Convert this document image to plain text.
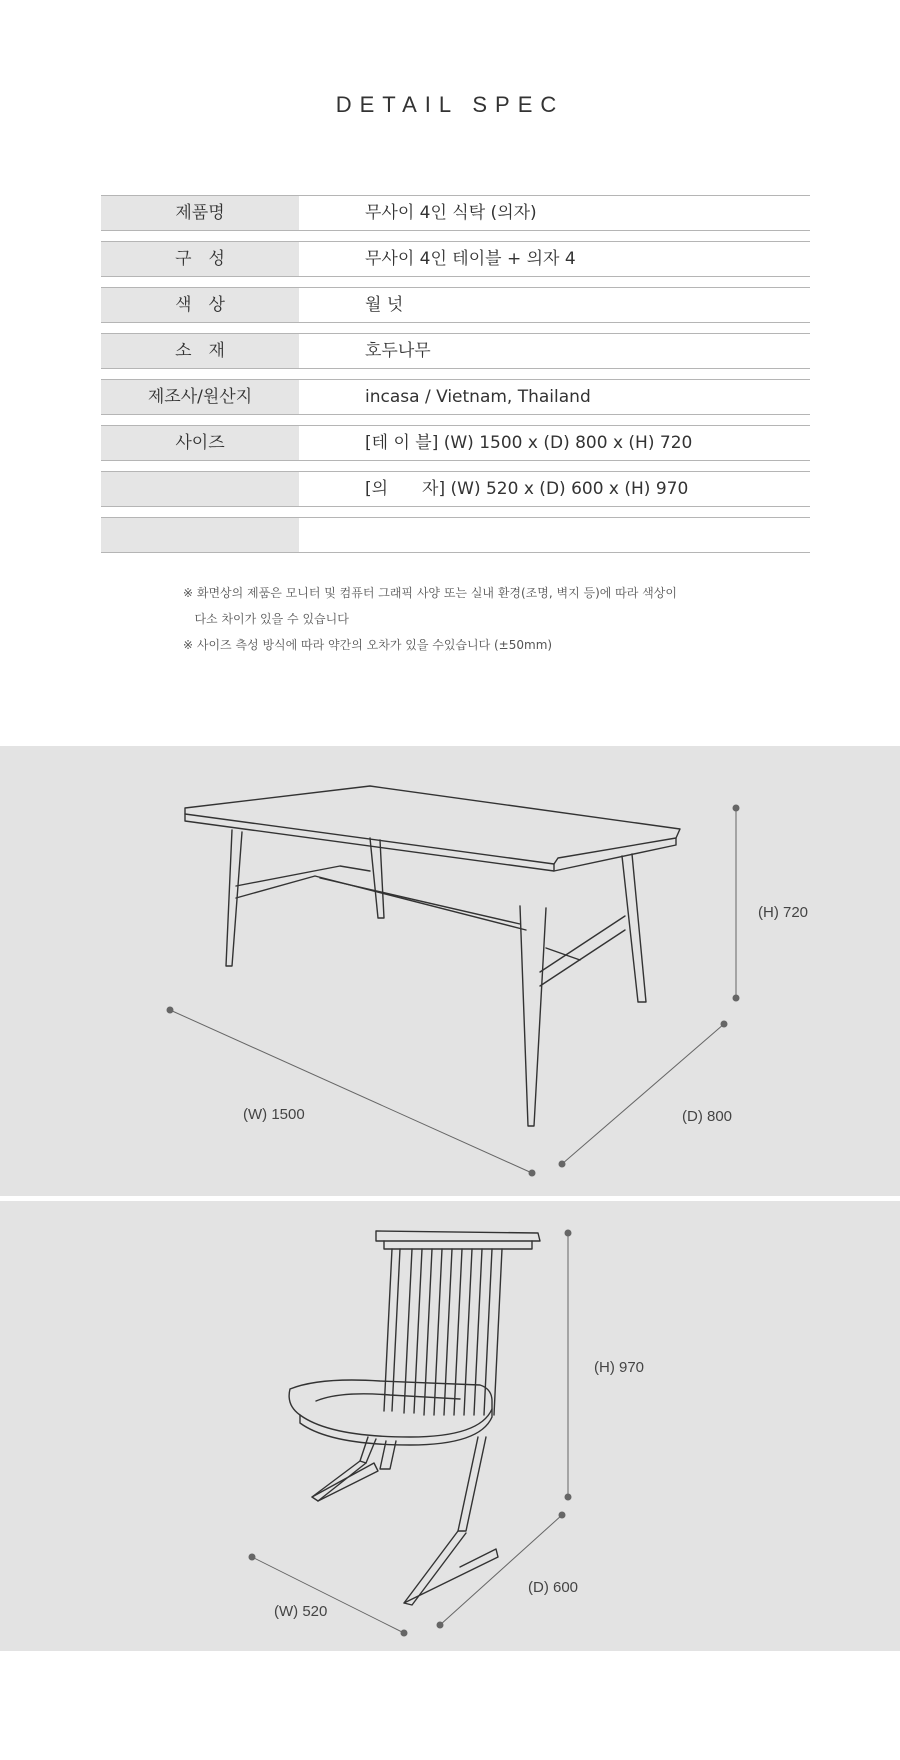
DETAIL SPEC
제품명	무사이 4인 식탁 (의자)
구　성	무사이 4인 테이블 + 의자 4
색　상	월 넛
소　재	호두나무
제조사/원산지	incasa / Vietnam, Thailand
사이즈	[테 이 블] (W) 1500 x (D) 800 x (H) 720
[의　　자] (W) 520 x (D) 600 x (H) 970
※ 화면상의 제품은 모니터 및 컴퓨터 그래픽 사양 또는 실내 환경(조명, 벽지 등)에 따라 색상이
다소 차이가 있을 수 있습니다
※ 사이즈 측성 방식에 따라 약간의 오차가 있을 수있습니다 (±50mm)
(H) 720
(W) 1500	(D) 800
(H) 970
(W) 520
(D) 600
